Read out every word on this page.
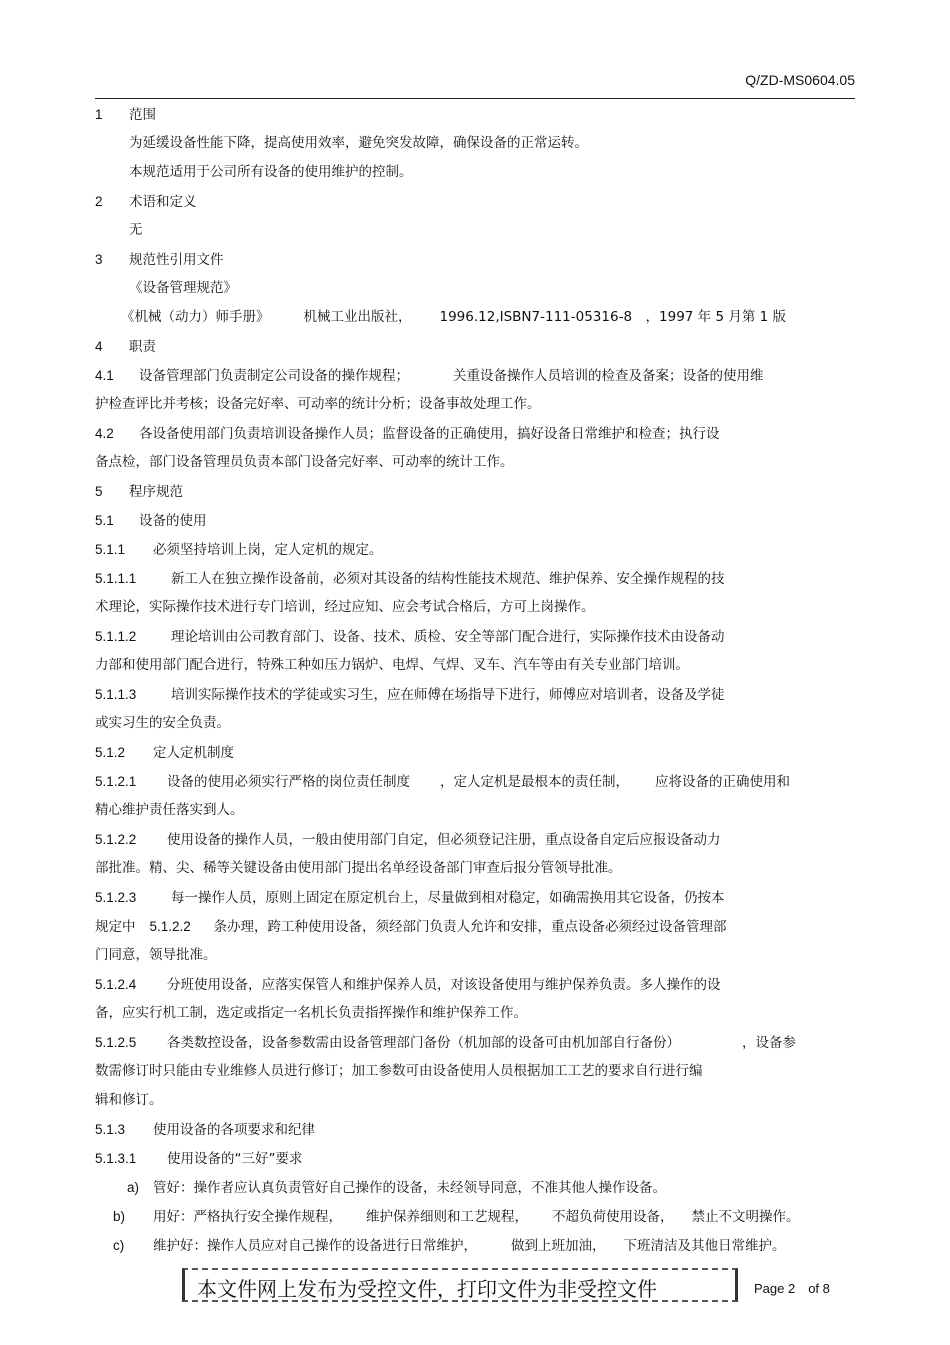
Q/ZD-MS0604.05
1 范围
为延缓设备性能下降，提高使用效率，避免突发故障，确保设备的正常运转。
本规范适用于公司所有设备的使用维护的控制。
2 术语和定义
无
3 规范性引用文件
《设备管理规范》
《机械（动力）师手册》	机械工业出版社， 1996.12,ISBN7-111-05316-8　，1997 年 5 月第 1 版
4 职责
4.1 设备管理部门负责制定公司设备的操作规程；	关重设备操作人员培训的检查及备案；设备的使用维
护检查评比并考核；设备完好率、可动率的统计分析；设备事故处理工作。
4.2 各设备使用部门负责培训设备操作人员；监督设备的正确使用，搞好设备日常维护和检查；执行设
备点检，部门设备管理员负责本部门设备完好率、可动率的统计工作。
5 程序规范
5.1 设备的使用
5.1.1 必须坚持培训上岗，定人定机的规定。
5.1.1.1	新工人在独立操作设备前，必须对其设备的结构性能技术规范、维护保养、安全操作规程的技
术理论，实际操作技术进行专门培训，经过应知、应会考试合格后，方可上岗操作。
5.1.1.2	理论培训由公司教育部门、设备、技术、质检、安全等部门配合进行，实际操作技术由设备动
力部和使用部门配合进行，特殊工种如压力锅炉、电焊、气焊、叉车、汽车等由有关专业部门培训。
5.1.1.3	培训实际操作技术的学徒或实习生，应在师傅在场指导下进行，师傅应对培训者，设备及学徒
或实习生的安全负责。
5.1.2 定人定机制度
5.1.2.1 设备的使用必须实行严格的岗位责任制度 ，定人定机是最根本的责任制， 应将设备的正确使用和
精心维护责任落实到人。
5.1.2.2 使用设备的操作人员，一般由使用部门自定，但必须登记注册，重点设备自定后应报设备动力
部批准。精、尖、稀等关键设备由使用部门提出名单经设备部门审查后报分管领导批准。
5.1.2.3	每一操作人员，原则上固定在原定机台上，尽量做到相对稳定，如确需换用其它设备，仍按本
规定中 5.1.2.2 条办理，跨工种使用设备，须经部门负责人允许和安排，重点设备必须经过设备管理部
门同意，领导批准。
5.1.2.4 分班使用设备，应落实保管人和维护保养人员，对该设备使用与维护保养负责。多人操作的设
备，应实行机工制，选定或指定一名机长负责指挥操作和维护保养工作。
5.1.2.5 各类数控设备，设备参数需由设备管理部门备份（机加部的设备可由机加部自行备份）	，设备参
数需修订时只能由专业维修人员进行修订；加工参数可由设备使用人员根据加工工艺的要求自行进行编
辑和修订。
5.1.3 使用设备的各项要求和纪律
5.1.3.1 使用设备的“三好”要求
a) 管好：操作者应认真负责管好自己操作的设备，未经领导同意，不准其他人操作设备。
b) 用好：严格执行安全操作规程， 维护保养细则和工艺规程， 不超负荷使用设备， 禁止不文明操作。
c) 维护好：操作人员应对自己操作的设备进行日常维护，	做到上班加油， 下班清洁及其他日常维护。
本文件网上发布为受控文件，打印文件为非受控文件	Page 2　of 8
